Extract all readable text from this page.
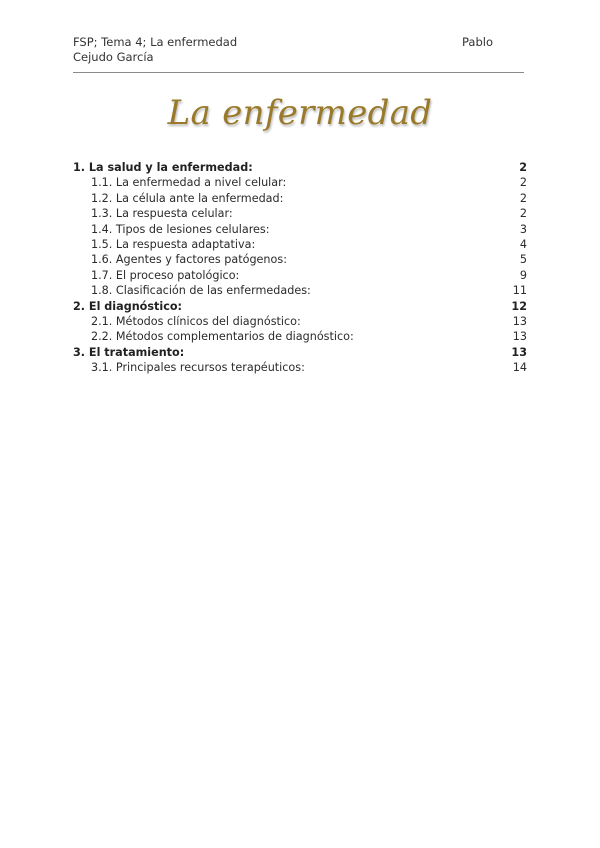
FSP; Tema 4; La enfermedad	Pablo
Cejudo García
La enfermedad
1. La salud y la enfermedad:	2
1.1. La enfermedad a nivel celular:	2
1.2. La célula ante la enfermedad:	2
1.3. La respuesta celular:	2
1.4. Tipos de lesiones celulares:	3
1.5. La respuesta adaptativa:	4
1.6. Agentes y factores patógenos:	5
1.7. El proceso patológico:	9
1.8. Clasificación de las enfermedades:	11
2. El diagnóstico:	12
2.1. Métodos clínicos del diagnóstico:	13
2.2. Métodos complementarios de diagnóstico:	13
3. El tratamiento:	13
3.1. Principales recursos terapéuticos:	14
